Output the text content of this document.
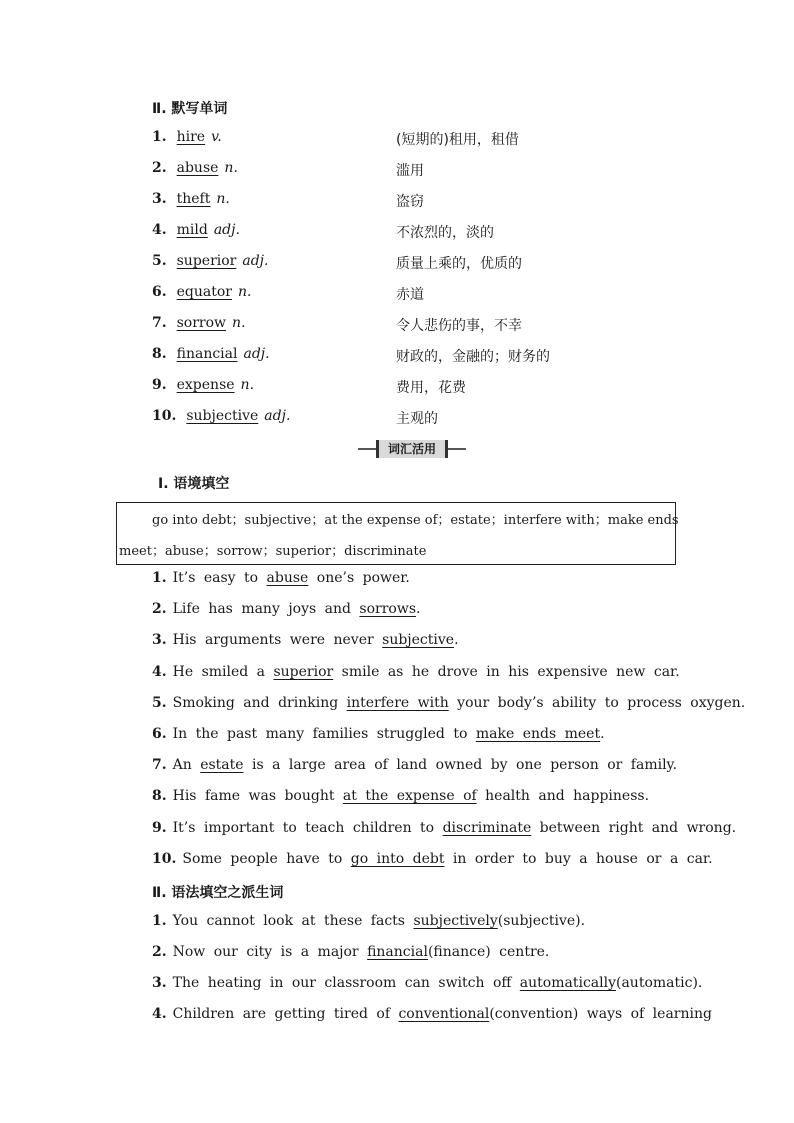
Ⅱ. 默写单词
1. hire v.	(短期的)租用，租借
2. abuse n.	滥用
3. theft n.	盗窃
4. mild adj.	不浓烈的，淡的
5. superior adj.	质量上乘的，优质的
6. equator n.	赤道
7. sorrow n.	令人悲伤的事，不幸
8. financial adj.	财政的，金融的；财务的
9. expense n.	费用，花费
10. subjective adj.	主观的
词汇活用
Ⅰ. 语境填空
go into debt；subjective；at the expense of；estate；interfere with；make ends
meet；abuse；sorrow；superior；discriminate
1. It’s easy to abuse one’s power.
2. Life has many joys and sorrows.
3. His arguments were never subjective.
4. He smiled a superior smile as he drove in his expensive new car.
5. Smoking and drinking interfere with your body’s ability to process oxygen.
6. In the past many families struggled to make ends meet.
7. An estate is a large area of land owned by one person or family.
8. His fame was bought at the expense of health and happiness.
9. It’s important to teach children to discriminate between right and wrong.
10. Some people have to go into debt in order to buy a house or a car.
Ⅱ. 语法填空之派生词
1. You cannot look at these facts subjectively(subjective).
2. Now our city is a major financial(finance) centre.
3. The heating in our classroom can switch off automatically(automatic).
4. Children are getting tired of conventional(convention) ways of learning
